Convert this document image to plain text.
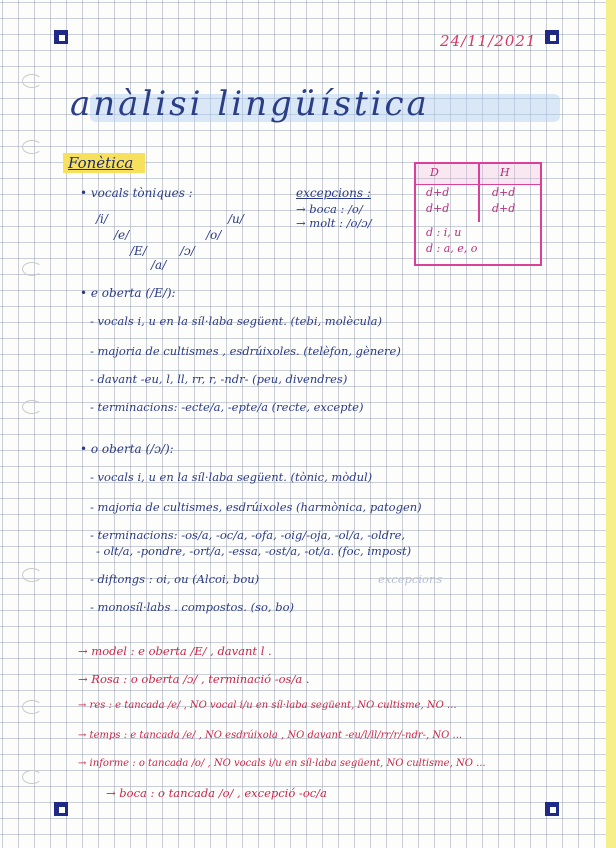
24/11/2021
anàlisi lingüística
Fonètica
• vocals tòniques :
/i/
/e/
/E/
/a/
/ɔ/
/o/
/u/
excepcions :
→ boca : /o/
→ molt : /o/ɔ/
D	H
d+d	d+d
d+d	d+d
d : i, u
d : a, e, o
• e oberta (/E/):
- vocals i, u en la síl·laba següent. (tebi, molècula)
- majoria de cultismes , esdrúixoles. (telèfon, gènere)
- davant -eu, l, ll, rr, r, -ndr- (peu, divendres)
- terminacions: -ecte/a, -epte/a (recte, excepte)
• o oberta (/ɔ/):
- vocals i, u en la síl·laba següent. (tònic, mòdul)
- majoria de cultismes, esdrúixoles (harmònica, patogen)
- terminacions: -os/a, -oc/a, -ofa, -oig/-oja, -ol/a, -oldre,
- olt/a, -pondre, -ort/a, -essa, -ost/a, -ot/a. (foc, impost)
- diftongs : oi, ou (Alcoi, bou)	excepcions
- monosíl·labs . compostos. (so, bo)
→ model : e oberta /E/ , davant l .
→ Rosa : o oberta /ɔ/ , terminació -os/a .
→ res : e tancada /e/ , NO vocal i/u en síl·laba següent, NO cultisme, NO ...
→ temps : e tancada /e/ , NO esdrúixola , NO davant -eu/l/ll/rr/r/-ndr-, NO ...
→ informe : o tancada /o/ , NO vocals i/u en síl·laba següent, NO cultisme, NO ...
→ boca : o tancada /o/ , excepció -oc/a
